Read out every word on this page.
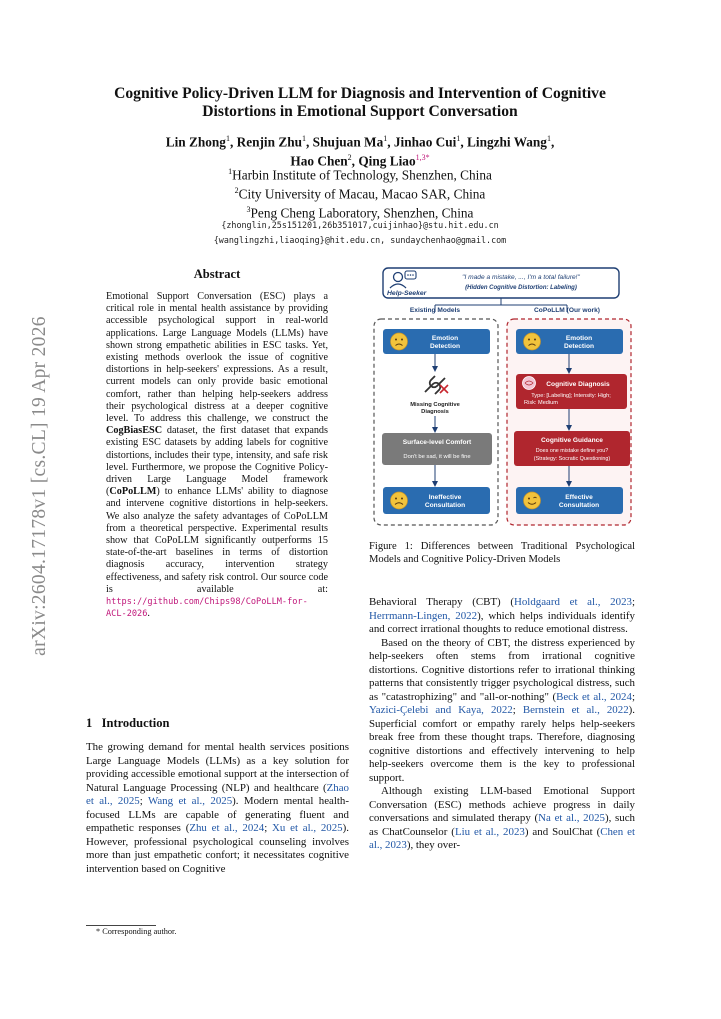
arXiv:2604.17178v1 [cs.CL] 19 Apr 2026
Cognitive Policy-Driven LLM for Diagnosis and Intervention of Cognitive
Distortions in Emotional Support Conversation
Lin Zhong$^1$, Renjin Zhu$^1$, Shujuan Ma$^1$, Jinhao Cui$^1$, Lingzhi Wang$^1$,
Hao Chen$^2$, Qing Liao$^{1,3*}$
$^1$Harbin Institute of Technology, Shenzhen, China
$^2$City University of Macau, Macao SAR, China
$^3$Peng Cheng Laboratory, Shenzhen, China
{zhonglin,25s151201,26b351017,cuijinhao}@stu.hit.edu.cn
{wanglingzhi,liaoqing}@hit.edu.cn, sundaychenhao@gmail.com
Abstract
Emotional Support Conversation (ESC) plays a critical role in mental health assistance by providing accessible psychological support in real-world applications. Large Language Models (LLMs) have shown strong empathetic abilities in ESC tasks. Yet, existing methods overlook the issue of cognitive distortions in help-seekers' expressions. As a result, current models can only provide basic emotional comfort, rather than helping help-seekers address their psychological distress at a deeper cognitive level. To address this challenge, we construct the CogBiasESC dataset, the first dataset that expands existing ESC datasets by adding labels for cognitive distortions, includes their type, intensity, and safe risk level. Furthermore, we propose the Cognitive Policy-driven Large Language Model framework (CoPoLLM) to enhance LLMs' ability to diagnose and intervene cognitive distortions in help-seekers. We also analyze the safety advantages of CoPoLLM from a theoretical perspective. Experimental results show that CoPoLLM significantly outperforms 15 state-of-the-art baselines in terms of distortion diagnosis accuracy, intervention strategy effectiveness, and safety risk control. Our source code is available at: https://github.com/Chips98/CoPoLLM-for-ACL-2026.
1 Introduction

The growing demand for mental health services positions Large Language Models (LLMs) as a key solution for providing accessible emotional support at the intersection of Natural Language Processing (NLP) and healthcare (Zhao et al., 2025; Wang et al., 2025). Modern mental health-focused LLMs are capable of generating fluent and empathetic responses (Zhu et al., 2024; Xu et al., 2025). However, professional psychological counseling involves more than just empathetic confort; it necessitates cognitive intervention based on Cognitive

* Corresponding author.
Help-Seeker
"I made a mistake, ..., I'm a total failure!"
(Hidden Cognitive Distortion: Labeling)
Existing Models	CoPoLLM (Our work)
Emotion Detection
Missing Cognitive Diagnosis
Surface-level Comfort
Don't be sad, it will be fine
Ineffective Consultation
Emotion Detection
Cognitive Diagnosis
Type: [Labeling]; Intensity: High; Risk: Medium
Cognitive Guidance
Does one mistake define you?
(Strategy: Socratic Questioning)
Effective Consultation
Figure 1: Differences between Traditional Psychological Models and Cognitive Policy-Driven Models

Behavioral Therapy (CBT) (Holdgaard et al., 2023; Herrmann-Lingen, 2022), which helps individuals identify and correct irrational thoughts to reduce emotional distress.

Based on the theory of CBT, the distress experienced by help-seekers often stems from irrational cognitive distortions. Cognitive distortions refer to irrational thinking patterns that consistently trigger psychological distress, such as "catastrophizing" and "all-or-nothing" (Beck et al., 2024; Yazici-Çelebi and Kaya, 2022; Bernstein et al., 2022). Superficial comfort or empathy rarely helps help-seekers break free from these thought traps. Therefore, diagnosing cognitive distortions and effectively intervening to help help-seekers overcome them is the key to professional support.

Although existing LLM-based Emotional Support Conversation (ESC) methods achieve progress in daily conversations and simulated therapy (Na et al., 2025), such as ChatCounselor (Liu et al., 2023) and SoulChat (Chen et al., 2023), they over-
